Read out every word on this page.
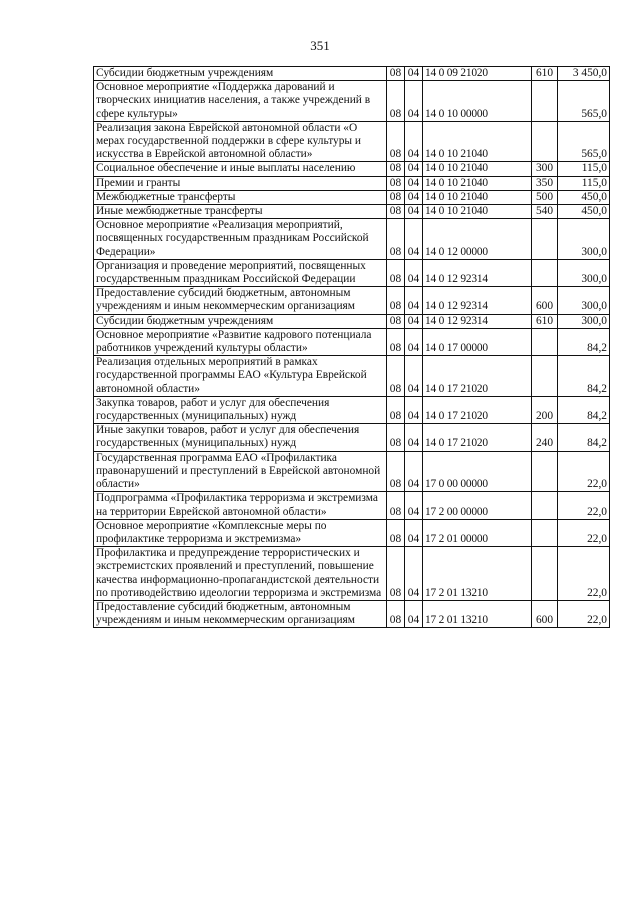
351
Субсидии бюджетным учреждениям	08	04	14 0 09 21020	610	3 450,0
Основное мероприятие «Поддержка дарований и творческих инициатив населения, а также учреждений в сфере культуры»	08	04	14 0 10 00000		565,0
Реализация закона Еврейской автономной области «О мерах государственной поддержки в сфере культуры и искусства в Еврейской автономной области»	08	04	14 0 10 21040		565,0
Социальное обеспечение и иные выплаты населению	08	04	14 0 10 21040	300	115,0
Премии и гранты	08	04	14 0 10 21040	350	115,0
Межбюджетные трансферты	08	04	14 0 10 21040	500	450,0
Иные межбюджетные трансферты	08	04	14 0 10 21040	540	450,0
Основное мероприятие «Реализация мероприятий, посвященных государственным праздникам Российской Федерации»	08	04	14 0 12 00000		300,0
Организация и проведение мероприятий, посвященных государственным праздникам Российской Федерации	08	04	14 0 12 92314		300,0
Предоставление субсидий бюджетным, автономным учреждениям и иным некоммерческим организациям	08	04	14 0 12 92314	600	300,0
Субсидии бюджетным учреждениям	08	04	14 0 12 92314	610	300,0
Основное мероприятие «Развитие кадрового потенциала работников учреждений культуры области»	08	04	14 0 17 00000		84,2
Реализация отдельных мероприятий в рамках государственной программы ЕАО «Культура Еврейской автономной области»	08	04	14 0 17 21020		84,2
Закупка товаров, работ и услуг для обеспечения государственных (муниципальных) нужд	08	04	14 0 17 21020	200	84,2
Иные закупки товаров, работ и услуг для обеспечения государственных (муниципальных) нужд	08	04	14 0 17 21020	240	84,2
Государственная программа ЕАО «Профилактика правонарушений и преступлений в Еврейской автономной области»	08	04	17 0 00 00000		22,0
Подпрограмма «Профилактика терроризма и экстремизма на территории Еврейской автономной области»	08	04	17 2 00 00000		22,0
Основное мероприятие «Комплексные меры по профилактике терроризма и экстремизма»	08	04	17 2 01 00000		22,0
Профилактика и предупреждение террористических и экстремистских проявлений и преступлений, повышение качества информационно-пропагандистской деятельности по противодействию идеологии терроризма и экстремизма	08	04	17 2 01 13210		22,0
Предоставление субсидий бюджетным, автономным учреждениям и иным некоммерческим организациям	08	04	17 2 01 13210	600	22,0
